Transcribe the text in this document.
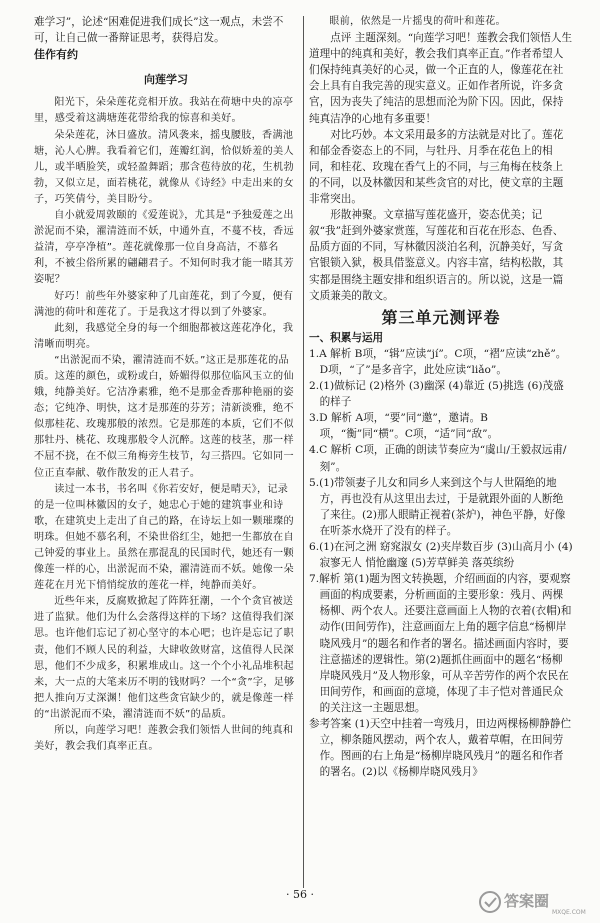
难学习”，论述“困难促进我们成长”这一观点，未尝不可，让自己做一番辩证思考，获得启发。

佳作有约

向莲学习

阳光下，朵朵莲花竞相开放。我站在荷塘中央的凉亭里，感受着这满塘莲花带给我的惊喜和美好。

朵朵莲花，沐日盛放。清风袭来，摇曳腰肢，香满池塘，沁人心脾。我看着它们，莲瓣红润，恰似娇羞的美人儿，或半晒脸笑，或轻盈舞蹈；那含苞待放的花，生机勃勃，又似立足，面若桃花，就像从《诗经》中走出来的女子，巧笑倩兮，美目盼兮。

自小就爱周敦颐的《爱莲说》，尤其是“予独爱莲之出淤泥而不染，濯清涟而不妖，中通外直，不蔓不枝，香远益清，亭亭净植”。莲花就像那一位自身高洁，不慕名利，不被尘俗所累的翩翩君子。不知何时我才能一睹其芳姿呢？

好巧！前些年外婆家种了几亩莲花，到了今夏，便有满池的荷叶和莲花了。于是我这才得以到了外婆家。

此刻，我感觉全身的每一个细胞都被这莲花净化，我清晰而明亮。

“出淤泥而不染，濯清涟而不妖。”这正是那莲花的品质。这莲的颜色，或粉或白，娇媚得似那位临风玉立的仙娥，纯静美好。它洁净素雅，绝不是那金香那种艳丽的姿态；它纯净、明快，这才是那莲的芬芳；清新淡雅，绝不似那桂花、玫瑰那般的浓烈。它是那莲的本质，它们不似那牡丹、桃花、玫瑰那般令人沉醉。这莲的枝茎，那一样不屈不挠，在不似三角梅旁生枝节，勾三搭四。它如同一位正直奉献、敬作散发的正人君子。

读过一本书，书名叫《你若安好，便是晴天》，记录的是一位叫林徽因的女子，她忠心于她的建筑事业和诗歌，在建筑史上走出了自己的路，在诗坛上如一颗璀璨的明珠。但她不慕名利，不染世俗红尘，她把一生都放在自己钟爱的事业上。虽然在那混乱的民国时代，她还有一颗像莲一样的心，出淤泥而不染，濯清涟而不妖。她像一朵莲花在月光下悄悄绽放的莲花一样，纯静而美好。

近些年来，反腐败掀起了阵阵狂潮，一个个贪官被送进了监狱。他们为什么会落得这样的下场？这值得我们深思。也许他们忘记了初心坚守的本心吧；也许是忘记了职责，他们不顾人民的利益，大肆收敛财富，这值得人民深思，他们不少成多，积累堆成山。这一个个小礼品堆积起来，大一点的大笔来历不明的钱财吗？一个“贪”字，足够把人推向万丈深渊！他们这些贪官缺少的，就是像莲一样的“出淤泥而不染，濯清涟而不妖”的品质。

所以，向莲学习吧！莲教会我们领悟人世间的纯真和美好，教会我们真率正直。

眼前，依然是一片摇曳的荷叶和莲花。

点评 主题深刻。“向莲学习吧！莲教会我们领悟人生道理中的纯真和美好，教会我们真率正直。”作者希望人们保持纯真美好的心灵，做一个正直的人，像莲花在社会上具有自我完善的现实意义。正如作者所说，许多贪官，因为丧失了纯洁的思想而沦为阶下囚。因此，保持纯真洁净的心地有多重要！

对比巧妙。本文采用最多的方法就是对比了。莲花和郁金香姿态上的不同，与牡丹、月季在花色上的相同，和桂花、玫瑰在香气上的不同，与三角梅在枝条上的不同，以及林徽因和某些贪官的对比，使文章的主题非常突出。

形散神聚。文章描写莲花盛开，姿态优美；记叙“我”赶到外婆家赏莲，写莲花和百花在形态、色香、品质方面的不同，写林徽因淡泊名利，沉静美好，写贪官银锁入狱，极具借鉴意义。内容丰富，结构松散，其实都是围绕主题安排和组织语言的。所以说，这是一篇文质兼美的散文。

第三单元测评卷

一、积累与运用

1.A 解析 B项，“辑”应读“jí”。C项，“褶”应读“zhě”。D项，“了”是多音字，此处应读“liǎo”。

2.(1)做标记 (2)格外 (3)幽深 (4)靠近 (5)挑选 (6)茂盛的样子

3.D 解析 A项，“要”同“邀”，邀请。B项，“衡”同“横”。C项，“适”同“敌”。

4.C 解析 C项，正确的朗读节奏应为“虞山/王毅叔远甫/刻”。

5.(1)带领妻子儿女和同乡人来到这个与人世隔绝的地方，再也没有从这里出去过，于是就跟外面的人断绝了来往。(2)那人眼睛正视着(茶炉)，神色平静，好像在听茶水烧开了没有的样子。

6.(1)在河之洲 窈窕淑女 (2)夹岸数百步 (3)山高月小 (4)寂寥无人 悄怆幽邃 (5)芳草鲜美 落英缤纷

7.解析 第(1)题为图文转换题，介绍画面的内容，要观察画面的构成要素，分析画面的主要形象：残月、两棵杨柳、两个农人。还要注意画面上人物的衣着(衣帽)和动作(田间劳作)，注意画面左上角的题字信息“杨柳岸晓风残月”的题名和作者的署名。描述画面内容时，要注意描述的逻辑性。第(2)题抓住画面中的题名“杨柳岸晓风残月”及人物形象，可从辛苦劳作的两个农民在田间劳作，和画面的意境，体现了丰子恺对普通民众的关注这一主题思想。

参考答案 (1)天空中挂着一弯残月，田边两棵杨柳静静伫立，柳条随风摆动，两个农人，戴着草帽，在田间劳作。图画的右上角是“杨柳岸晓风残月”的题名和作者的署名。(2)以《杨柳岸晓风残月》

· 56 ·	答案圈
MXQE.COM
